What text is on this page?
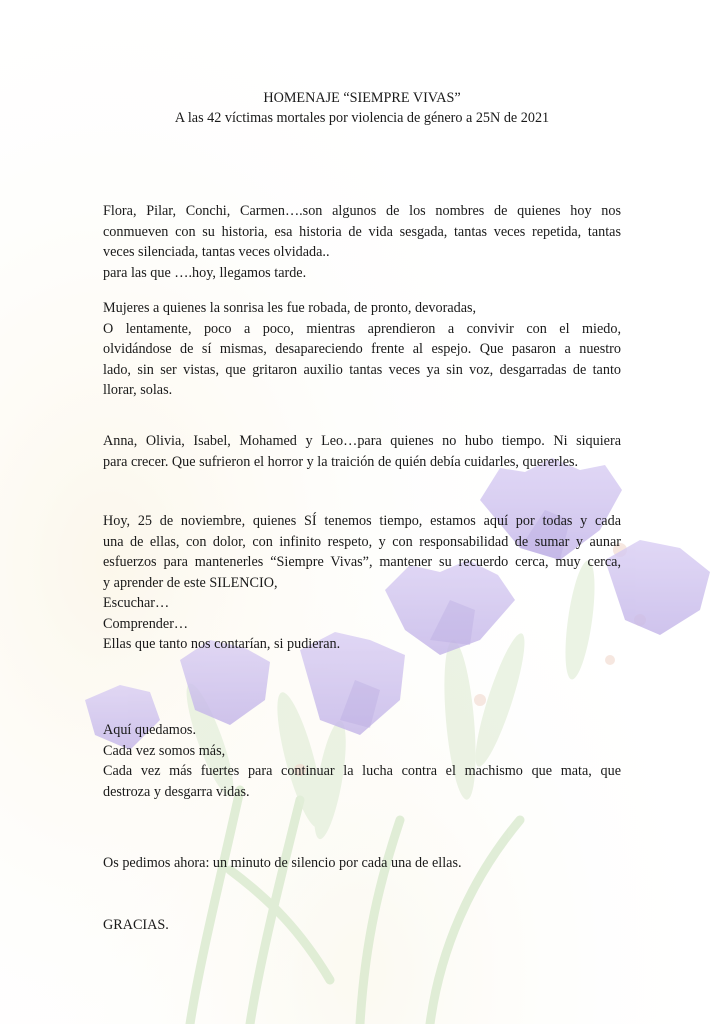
HOMENAJE “SIEMPRE VIVAS”
A las 42 víctimas mortales por violencia de género a 25N de 2021
Flora, Pilar, Conchi, Carmen….son algunos de los nombres de quienes hoy nos
conmueven con su historia, esa historia de vida sesgada, tantas veces repetida, tantas
veces silenciada, tantas veces olvidada..
para las que ….hoy, llegamos tarde.
Mujeres a quienes la sonrisa les fue robada, de pronto, devoradas,
O lentamente, poco a poco, mientras aprendieron a convivir con el miedo,
olvidándose de sí mismas, desapareciendo frente al espejo. Que pasaron a nuestro
lado, sin ser vistas, que gritaron auxilio tantas veces ya sin voz, desgarradas de tanto
llorar, solas.
Anna, Olivia, Isabel, Mohamed y Leo…para quienes no hubo tiempo. Ni siquiera
para crecer. Que sufrieron el horror y la traición de quién debía cuidarles, quererles.
Hoy, 25 de noviembre, quienes SÍ tenemos tiempo, estamos aquí por todas y cada
una de ellas, con dolor, con infinito respeto, y con responsabilidad de sumar y aunar
esfuerzos para mantenerles “Siempre Vivas”, mantener su recuerdo cerca, muy cerca,
y aprender de este SILENCIO,
Escuchar…
Comprender…
Ellas que tanto nos contarían, si pudieran.
Aquí quedamos.
Cada vez somos más,
Cada vez más fuertes para continuar la lucha contra el machismo que mata, que
destroza y desgarra vidas.
Os pedimos ahora: un minuto de silencio por cada una de ellas.
GRACIAS.
